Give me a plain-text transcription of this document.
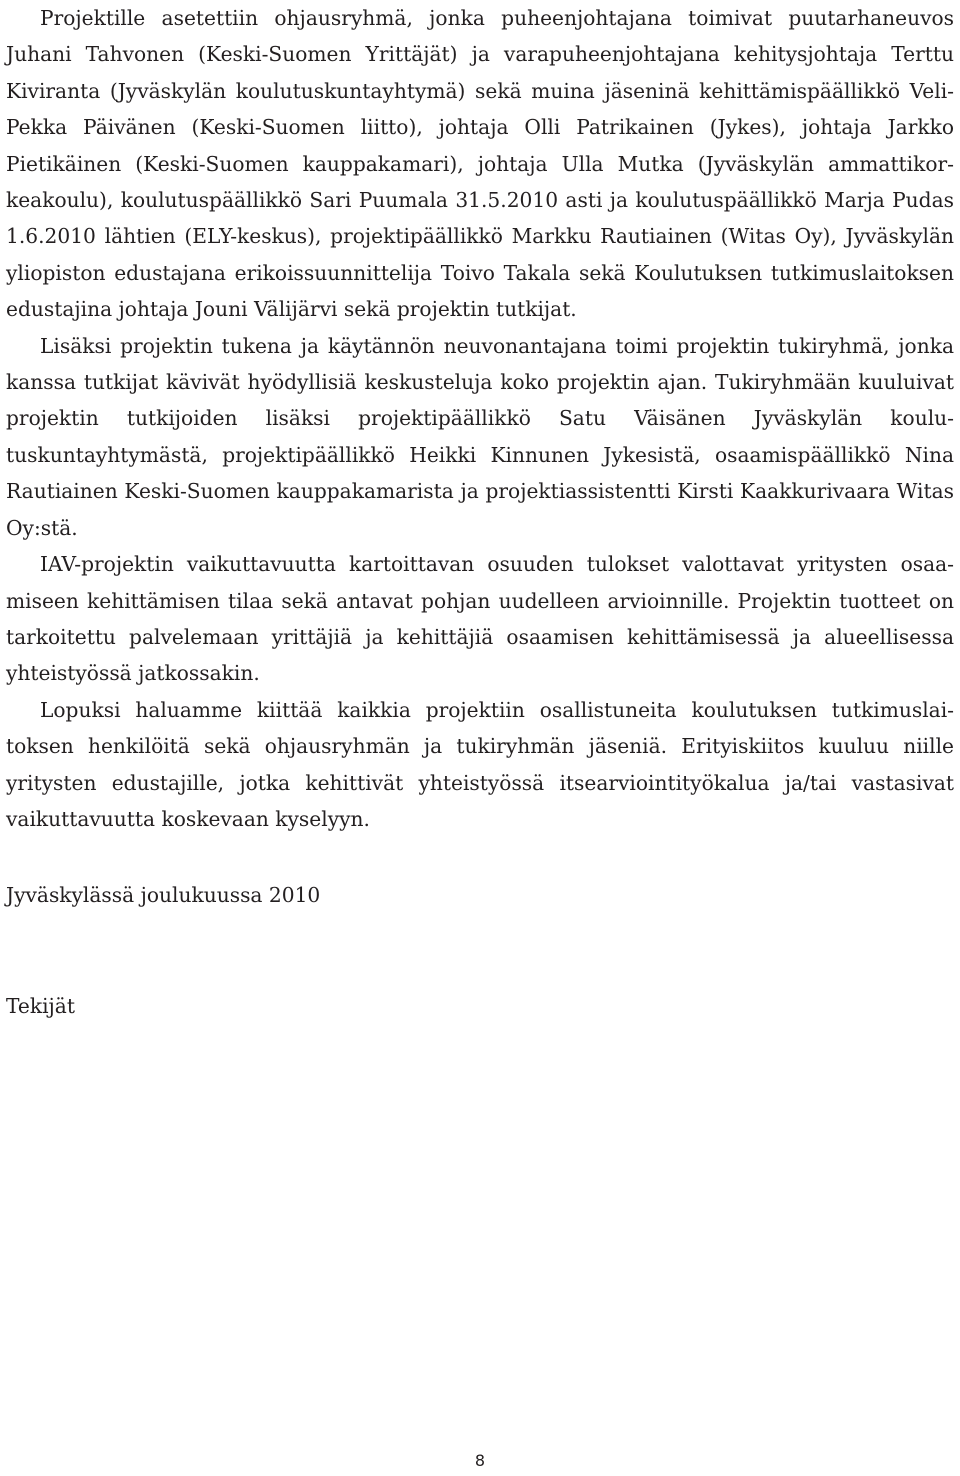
Projektille asetettiin ohjausryhmä, jonka puheenjohtajana toimivat puutarhaneuvos Juhani Tahvonen (Keski-Suomen Yrittäjät) ja varapuheenjohtajana kehitysjohtaja Terttu Kiviranta (Jyväskylän koulutuskuntayhtymä) sekä muina jäseninä kehittämispäällikkö Veli-Pekka Päivänen (Keski-Suomen liitto), johtaja Olli Patrikainen (Jykes), johtaja Jarkko Pietikäinen (Keski-Suomen kauppakamari), johtaja Ulla Mutka (Jyväskylän ammattikorkeakoulu), koulutuspäällikkö Sari Puumala 31.5.2010 asti ja koulutuspäällikkö Marja Pudas 1.6.2010 lähtien (ELY-keskus), projektipäällikkö Markku Rautiainen (Witas Oy), Jyväskylän yliopiston edustajana erikoissuunnittelija Toivo Takala sekä Koulutuksen tutkimuslaitoksen edustajina johtaja Jouni Välijärvi sekä projektin tutkijat.

Lisäksi projektin tukena ja käytännön neuvonantajana toimi projektin tukiryhmä, jonka kanssa tutkijat kävivät hyödyllisiä keskusteluja koko projektin ajan. Tukiryhmään kuuluivat projektin tutkijoiden lisäksi projektipäällikkö Satu Väisänen Jyväskylän koulutuskuntayhtymästä, projektipäällikkö Heikki Kinnunen Jykesistä, osaamispäällikkö Nina Rautiainen Keski-Suomen kauppakamarista ja projektiassistentti Kirsti Kaakkurivaara Witas Oy:stä.

IAV-projektin vaikuttavuutta kartoittavan osuuden tulokset valottavat yritysten osaamiseen kehittämisen tilaa sekä antavat pohjan uudelleen arvioinnille. Projektin tuotteet on tarkoitettu palvelemaan yrittäjiä ja kehittäjiä osaamisen kehittämisessä ja alueellisessa yhteistyössä jatkossakin.

Lopuksi haluamme kiittää kaikkia projektiin osallistuneita koulutuksen tutkimuslaitoksen henkilöitä sekä ohjausryhmän ja tukiryhmän jäseniä. Erityiskiitos kuuluu niille yritysten edustajille, jotka kehittivät yhteistyössä itsearviointityökalua ja/tai vastasivat vaikuttavuutta koskevaan kyselyyn.

Jyväskylässä joulukuussa 2010

Tekijät

8
